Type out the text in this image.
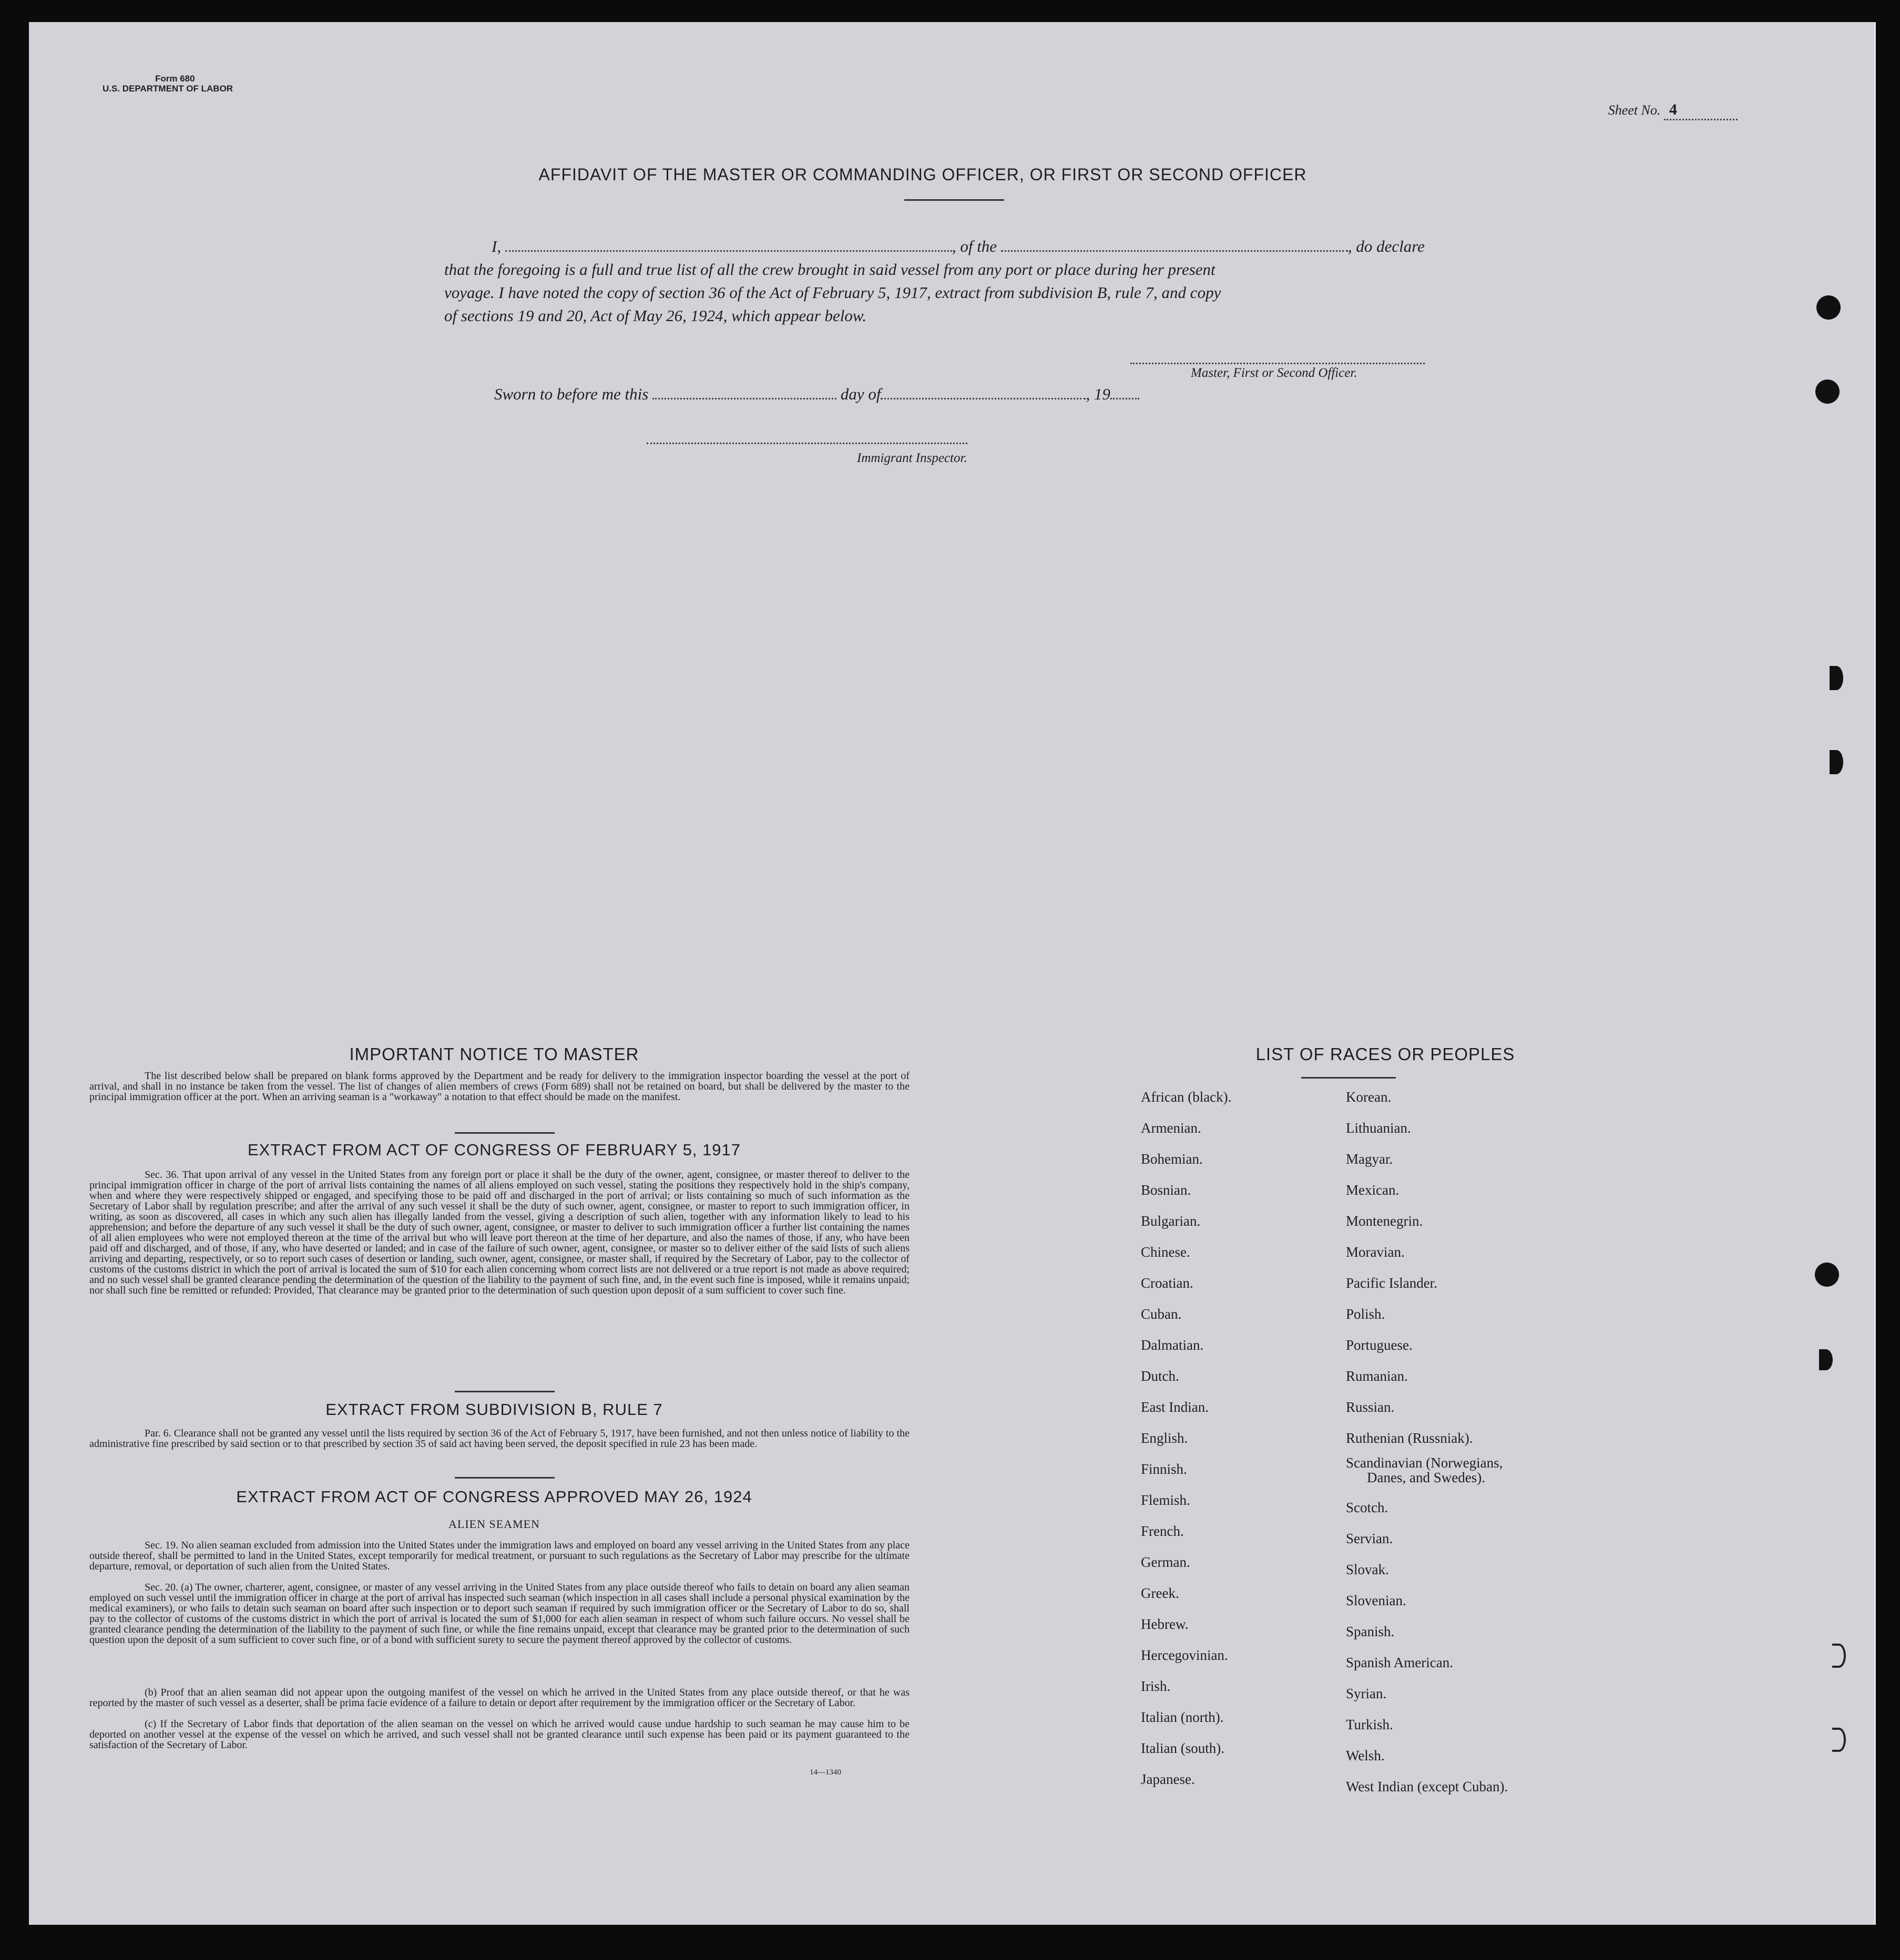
Form 680
U.S. DEPARTMENT OF LABOR
Sheet No. 4
AFFIDAVIT OF THE MASTER OR COMMANDING OFFICER, OR FIRST OR SECOND OFFICER
I,	, of the	, do declare
that the foregoing is a full and true list of all the crew brought in said vessel from any port or place during her present
voyage. I have noted the copy of section 36 of the Act of February 5, 1917, extract from subdivision B, rule 7, and copy
of sections 19 and 20, Act of May 26, 1924, which appear below.
Master, First or Second Officer.
Sworn to before me this	day of	, 19
Immigrant Inspector.
IMPORTANT NOTICE TO MASTER
The list described below shall be prepared on blank forms approved by the Department and be ready for delivery to the immigration inspector boarding the vessel at the port of arrival, and shall in no instance be taken from the vessel. The list of changes of alien members of crews (Form 689) shall not be retained on board, but shall be delivered by the master to the principal immigration officer at the port. When an arriving seaman is a "workaway" a notation to that effect should be made on the manifest.
EXTRACT FROM ACT OF CONGRESS OF FEBRUARY 5, 1917
Sec. 36. That upon arrival of any vessel in the United States from any foreign port or place it shall be the duty of the owner, agent, consignee, or master thereof to deliver to the principal immigration officer in charge of the port of arrival lists containing the names of all aliens employed on such vessel, stating the positions they respectively hold in the ship's company, when and where they were respectively shipped or engaged, and specifying those to be paid off and discharged in the port of arrival; or lists containing so much of such information as the Secretary of Labor shall by regulation prescribe; and after the arrival of any such vessel it shall be the duty of such owner, agent, consignee, or master to report to such immigration officer, in writing, as soon as discovered, all cases in which any such alien has illegally landed from the vessel, giving a description of such alien, together with any information likely to lead to his apprehension; and before the departure of any such vessel it shall be the duty of such owner, agent, consignee, or master to deliver to such immigration officer a further list containing the names of all alien employees who were not employed thereon at the time of the arrival but who will leave port thereon at the time of her departure, and also the names of those, if any, who have been paid off and discharged, and of those, if any, who have deserted or landed; and in case of the failure of such owner, agent, consignee, or master so to deliver either of the said lists of such aliens arriving and departing, respectively, or so to report such cases of desertion or landing, such owner, agent, consignee, or master shall, if required by the Secretary of Labor, pay to the collector of customs of the customs district in which the port of arrival is located the sum of $10 for each alien concerning whom correct lists are not delivered or a true report is not made as above required; and no such vessel shall be granted clearance pending the determination of the question of the liability to the payment of such fine, and, in the event such fine is imposed, while it remains unpaid; nor shall such fine be remitted or refunded: Provided, That clearance may be granted prior to the determination of such question upon deposit of a sum sufficient to cover such fine.
EXTRACT FROM SUBDIVISION B, RULE 7
Par. 6. Clearance shall not be granted any vessel until the lists required by section 36 of the Act of February 5, 1917, have been furnished, and not then unless notice of liability to the administrative fine prescribed by said section or to that prescribed by section 35 of said act having been served, the deposit specified in rule 23 has been made.
EXTRACT FROM ACT OF CONGRESS APPROVED MAY 26, 1924
ALIEN SEAMEN
Sec. 19. No alien seaman excluded from admission into the United States under the immigration laws and employed on board any vessel arriving in the United States from any place outside thereof, shall be permitted to land in the United States, except temporarily for medical treatment, or pursuant to such regulations as the Secretary of Labor may prescribe for the ultimate departure, removal, or deportation of such alien from the United States.
Sec. 20. (a) The owner, charterer, agent, consignee, or master of any vessel arriving in the United States from any place outside thereof who fails to detain on board any alien seaman employed on such vessel until the immigration officer in charge at the port of arrival has inspected such seaman (which inspection in all cases shall include a personal physical examination by the medical examiners), or who fails to detain such seaman on board after such inspection or to deport such seaman if required by such immigration officer or the Secretary of Labor to do so, shall pay to the collector of customs of the customs district in which the port of arrival is located the sum of $1,000 for each alien seaman in respect of whom such failure occurs. No vessel shall be granted clearance pending the determination of the liability to the payment of such fine, or while the fine remains unpaid, except that clearance may be granted prior to the determination of such question upon the deposit of a sum sufficient to cover such fine, or of a bond with sufficient surety to secure the payment thereof approved by the collector of customs.
(b) Proof that an alien seaman did not appear upon the outgoing manifest of the vessel on which he arrived in the United States from any place outside thereof, or that he was reported by the master of such vessel as a deserter, shall be prima facie evidence of a failure to detain or deport after requirement by the immigration officer or the Secretary of Labor.
(c) If the Secretary of Labor finds that deportation of the alien seaman on the vessel on which he arrived would cause undue hardship to such seaman he may cause him to be deported on another vessel at the expense of the vessel on which he arrived, and such vessel shall not be granted clearance until such expense has been paid or its payment guaranteed to the satisfaction of the Secretary of Labor.
14—1340
LIST OF RACES OR PEOPLES
African (black).
Armenian.
Bohemian.
Bosnian.
Bulgarian.
Chinese.
Croatian.
Cuban.
Dalmatian.
Dutch.
East Indian.
English.
Finnish.
Flemish.
French.
German.
Greek.
Hebrew.
Hercegovinian.
Irish.
Italian (north).
Italian (south).
Japanese.
Korean.
Lithuanian.
Magyar.
Mexican.
Montenegrin.
Moravian.
Pacific Islander.
Polish.
Portuguese.
Rumanian.
Russian.
Ruthenian (Russniak).
Scandinavian (Norwegians,
Danes, and Swedes).
Scotch.
Servian.
Slovak.
Slovenian.
Spanish.
Spanish American.
Syrian.
Turkish.
Welsh.
West Indian (except Cuban).
